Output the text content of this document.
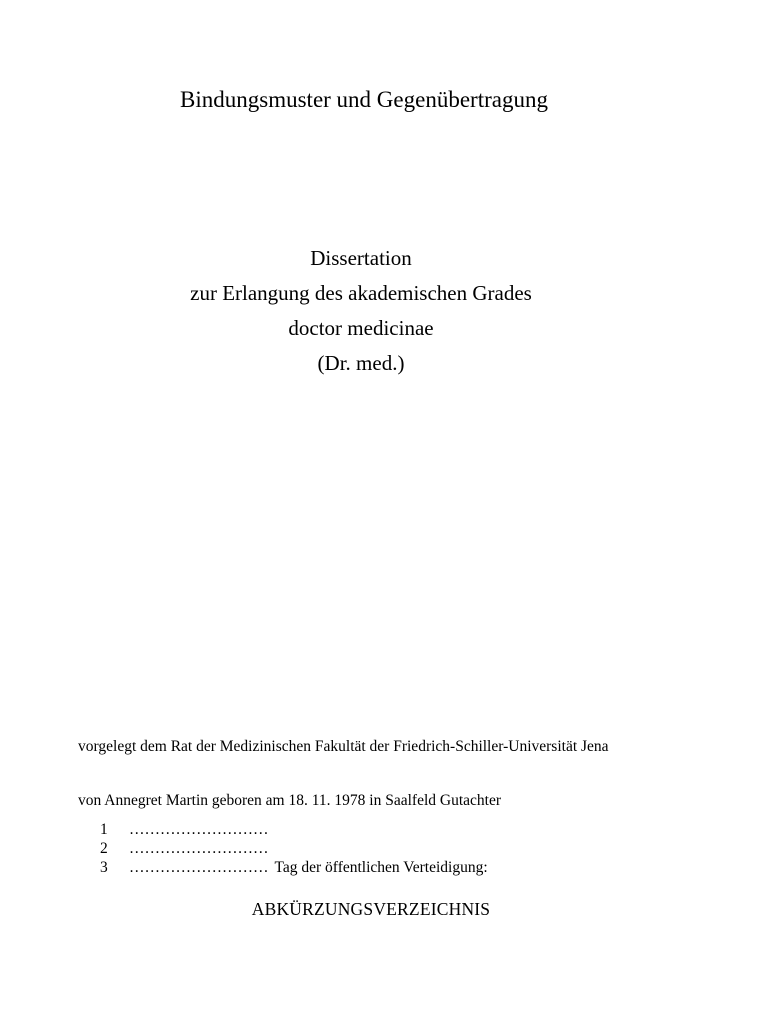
Bindungsmuster und Gegenübertragung
Dissertation
zur Erlangung des akademischen Grades
doctor medicinae
(Dr. med.)
vorgelegt dem Rat der Medizinischen Fakultät der Friedrich-Schiller-Universität Jena
von Annegret Martin geboren am 18. 11. 1978 in Saalfeld Gutachter
1	………………………
2	………………………
3	……………………… Tag der öffentlichen Verteidigung:
ABKÜRZUNGSVERZEICHNIS
